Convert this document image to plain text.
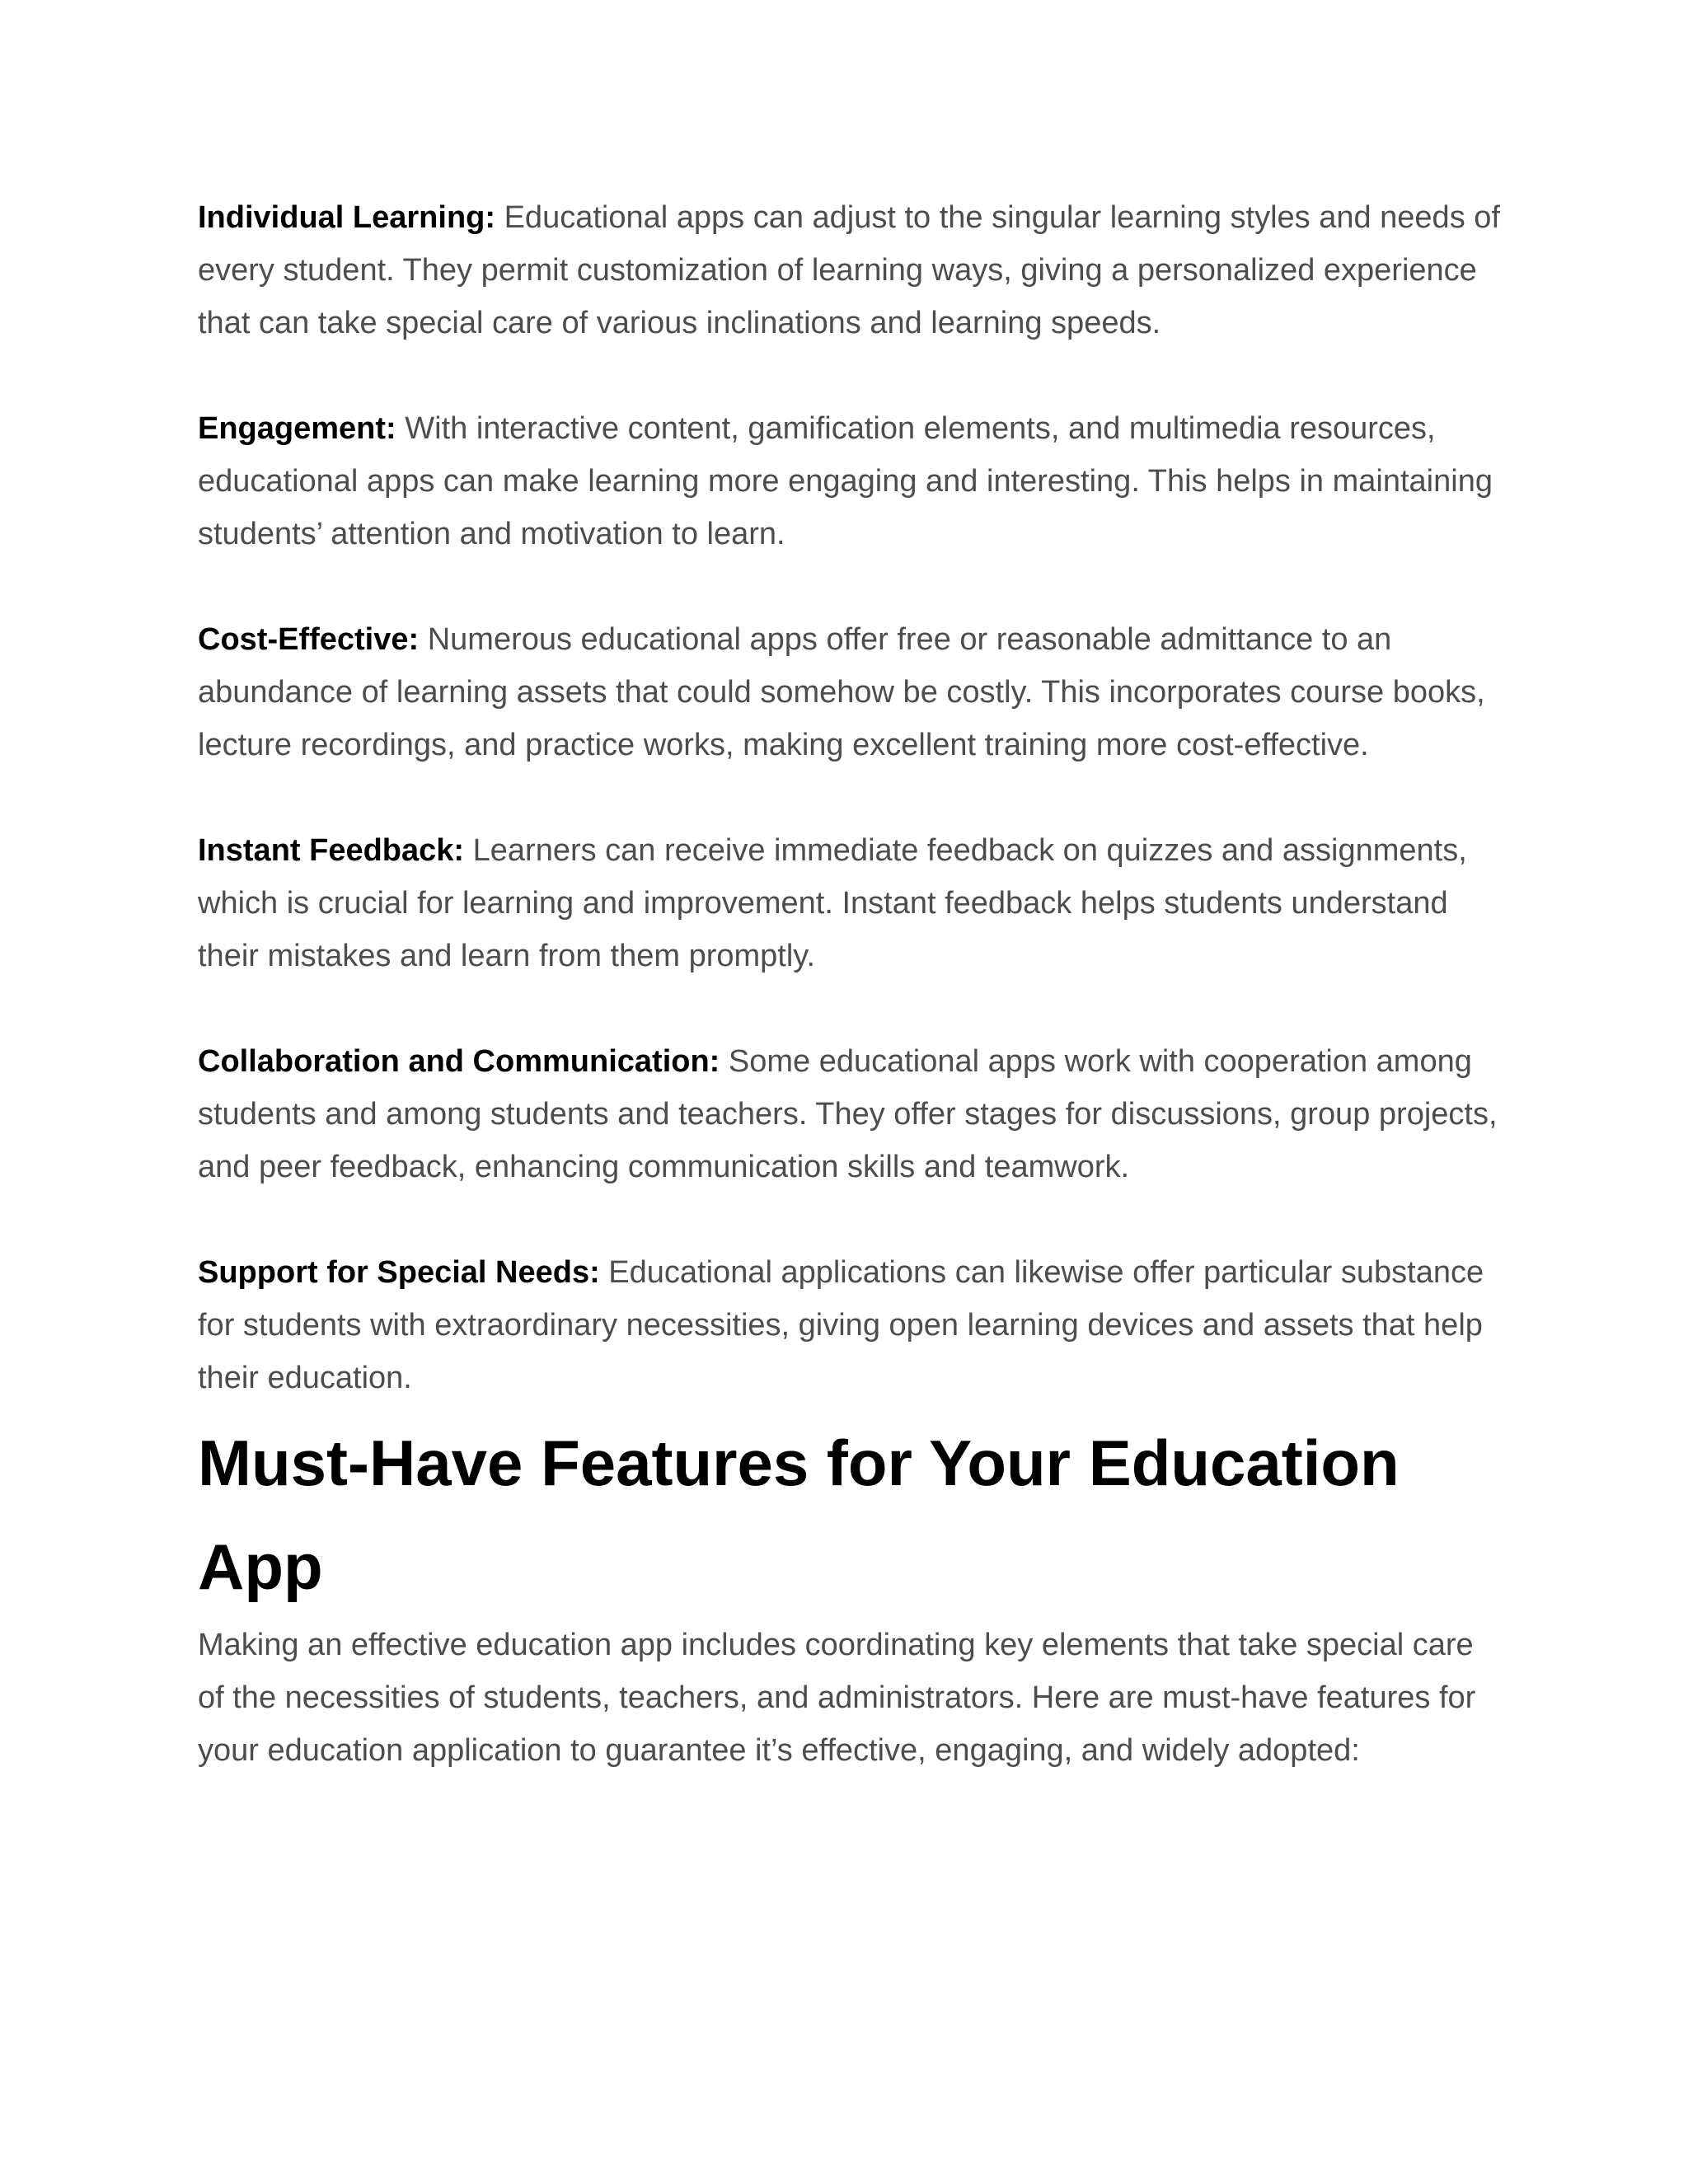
Individual Learning: Educational apps can adjust to the singular learning styles and needs of every student. They permit customization of learning ways, giving a personalized experience that can take special care of various inclinations and learning speeds.

Engagement: With interactive content, gamification elements, and multimedia resources, educational apps can make learning more engaging and interesting. This helps in maintaining students’ attention and motivation to learn.

Cost-Effective: Numerous educational apps offer free or reasonable admittance to an abundance of learning assets that could somehow be costly. This incorporates course books, lecture recordings, and practice works, making excellent training more cost-effective.

Instant Feedback: Learners can receive immediate feedback on quizzes and assignments, which is crucial for learning and improvement. Instant feedback helps students understand their mistakes and learn from them promptly.

Collaboration and Communication: Some educational apps work with cooperation among students and among students and teachers. They offer stages for discussions, group projects, and peer feedback, enhancing communication skills and teamwork.

Support for Special Needs: Educational applications can likewise offer particular substance for students with extraordinary necessities, giving open learning devices and assets that help their education.

Must-Have Features for Your Education App

Making an effective education app includes coordinating key elements that take special care of the necessities of students, teachers, and administrators. Here are must-have features for your education application to guarantee it’s effective, engaging, and widely adopted:
